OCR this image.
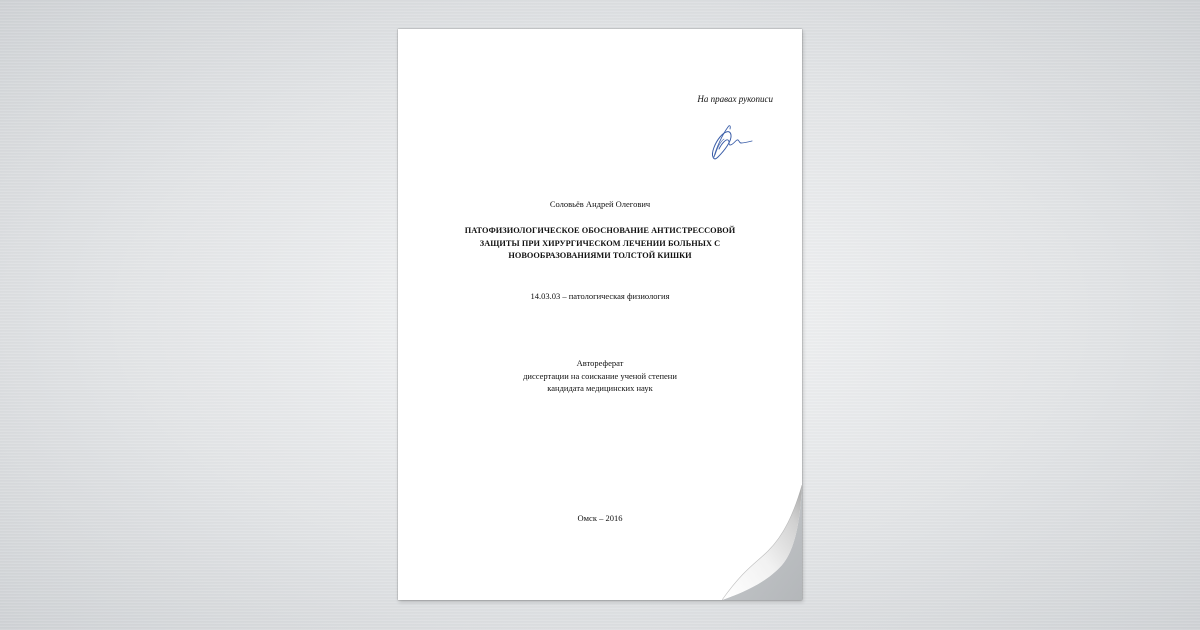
На правах рукописи
Соловьёв Андрей Олегович
ПАТОФИЗИОЛОГИЧЕСКОЕ ОБОСНОВАНИЕ АНТИСТРЕССОВОЙ
ЗАЩИТЫ ПРИ ХИРУРГИЧЕСКОМ ЛЕЧЕНИИ БОЛЬНЫХ С
НОВООБРАЗОВАНИЯМИ ТОЛСТОЙ КИШКИ
14.03.03 – патологическая физиология
Автореферат
диссертации на соискание ученой степени
кандидата медицинских наук
Омск – 2016
